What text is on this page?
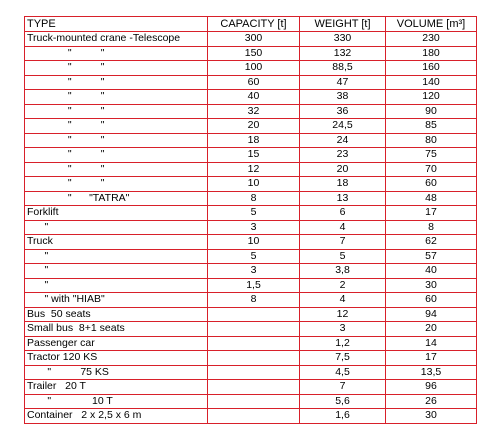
TYPE	CAPACITY [t]	WEIGHT [t]	VOLUME [m³]
Truck-mounted crane -Telescope	300	330	230
"          "	150	132	180
"          "	100	88,5	160
"          "	60	47	140
"          "	40	38	120
"          "	32	36	90
"          "	20	24,5	85
"          "	18	24	80
"          "	15	23	75
"          "	12	20	70
"          "	10	18	60
"      "TATRA"	8	13	48
Forklift	5	6	17
"	3	4	8
Truck	10	7	62
"	5	5	57
"	3	3,8	40
"	1,5	2	30
" with "HIAB"	8	4	60
Bus  50 seats		12	94
Small bus  8+1 seats		3	20
Passenger car		1,2	14
Tractor 120 KS		7,5	17
"          75 KS		4,5	13,5
Trailer   20 T		7	96
"              10 T		5,6	26
Container   2 x 2,5 x 6 m		1,6	30
